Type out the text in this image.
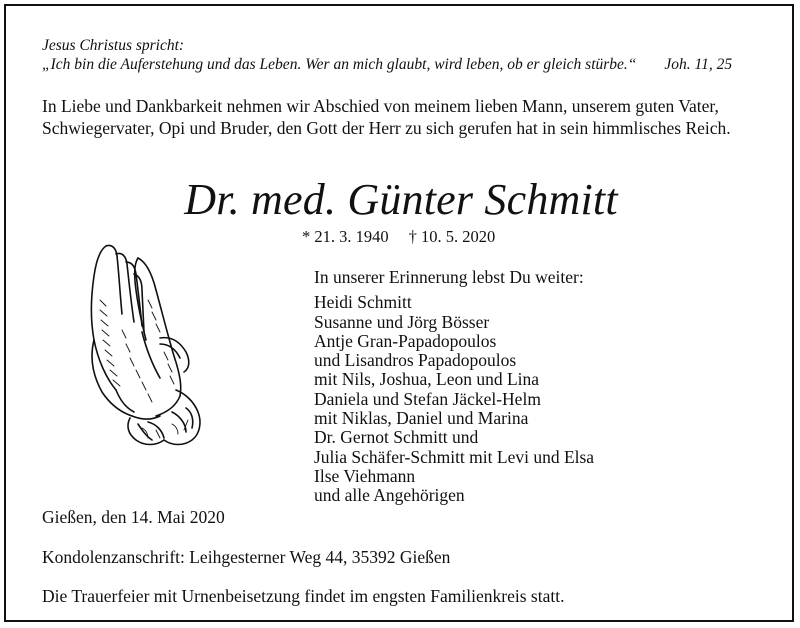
Jesus Christus spricht:
„Ich bin die Auferstehung und das Leben. Wer an mich glaubt, wird leben, ob er gleich stürbe.“ Joh. 11, 25
In Liebe und Dankbarkeit nehmen wir Abschied von meinem lieben Mann, unserem guten Vater, Schwiegervater, Opi und Bruder, den Gott der Herr zu sich gerufen hat in sein himmlisches Reich.
Dr. med. Günter Schmitt
* 21. 3. 1940 † 10. 5. 2020
In unserer Erinnerung lebst Du weiter:
Heidi Schmitt
Susanne und Jörg Bösser
Antje Gran-Papadopoulos
und Lisandros Papadopoulos
mit Nils, Joshua, Leon und Lina
Daniela und Stefan Jäckel-Helm
mit Niklas, Daniel und Marina
Dr. Gernot Schmitt und
Julia Schäfer-Schmitt mit Levi und Elsa
Ilse Viehmann
und alle Angehörigen
Gießen, den 14. Mai 2020
Kondolenzanschrift: Leihgesterner Weg 44, 35392 Gießen
Die Trauerfeier mit Urnenbeisetzung findet im engsten Familienkreis statt.
